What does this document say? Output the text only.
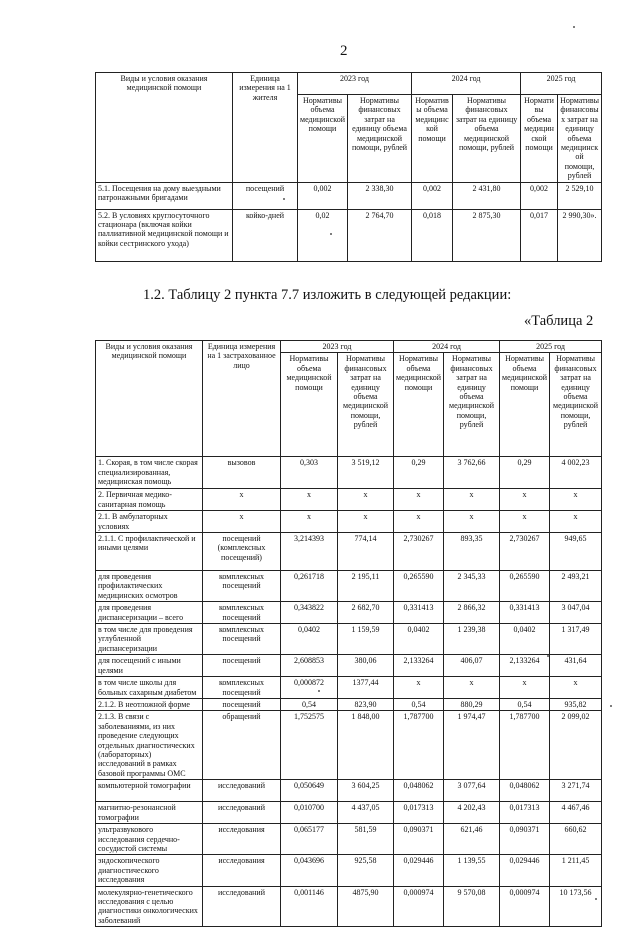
2
Виды и условия оказания медицинской помощи	Единица измерения на 1 жителя	2023 год		2024 год		2025 год	
		Нормативы объема медицинской помощи	Нормативы финансовых затрат на единицу объема медицинской помощи, рублей	Нормативы объема медицинской помощи	Нормативы финансовых затрат на единицу объема медицинской помощи, рублей	Нормативы объема медицинской помощи	Нормативы финансовых затрат на единицу объема медицинской помощи, рублей
5.1. Посещения на дому выездными патронажными бригадами	посещений	0,002	2 338,30	0,002	2 431,80	0,002	2 529,10
5.2. В условиях круглосуточного стационара (включая койки паллиативной медицинской помощи и койки сестринского ухода)	койко-дней	0,02	2 764,70	0,018	2 875,30	0,017	2 990,30».
1.2. Таблицу 2 пункта 7.7 изложить в следующей редакции:
«Таблица 2
Виды и условия оказания медицинской помощи	Единица измерения на 1 застрахованное лицо	2023 год		2024 год		2025 год	
		Нормативы объема медицинской помощи	Нормативы финансовых затрат на единицу объема медицинской помощи, рублей	Нормативы объема медицинской помощи	Нормативы финансовых затрат на единицу объема медицинской помощи, рублей	Нормативы объема медицинской помощи	Нормативы финансовых затрат на единицу объема медицинской помощи, рублей
1. Скорая, в том числе скорая специализированная, медицинская помощь	вызовов	0,303	3 519,12	0,29	3 762,66	0,29	4 002,23
2. Первичная медико-санитарная помощь	х	х	х	х	х	х	х
2.1. В амбулаторных условиях	х	х	х	х	х	х	х
2.1.1. С профилактической и иными целями	посещений (комплексных посещений)	3,214393	774,14	2,730267	893,35	2,730267	949,65
для проведения профилактических медицинских осмотров	комплексных посещений	0,261718	2 195,11	0,265590	2 345,33	0,265590	2 493,21
для проведения диспансеризации – всего	комплексных посещений	0,343822	2 682,70	0,331413	2 866,32	0,331413	3 047,04
в том числе для проведения углубленной диспансеризации	комплексных посещений	0,0402	1 159,59	0,0402	1 239,38	0,0402	1 317,49
для посещений с иными целями	посещений	2,608853	380,06	2,133264	406,07	2,133264	431,64
в том числе школы для больных сахарным диабетом	комплексных посещений	0,000872	1377,44	х	х	х	х
2.1.2. В неотложной форме	посещений	0,54	823,90	0,54	880,29	0,54	935,82
2.1.3. В связи с заболеваниями, из них проведение следующих отдельных диагностических (лабораторных) исследований в рамках базовой программы ОМС	обращений	1,752575	1 848,00	1,787700	1 974,47	1,787700	2 099,02
компьютерной томографии	исследований	0,050649	3 604,25	0,048062	3 077,64	0,048062	3 271,74
магнитно-резонансной томографии	исследований	0,010700	4 437,05	0,017313	4 202,43	0,017313	4 467,46
ультразвукового исследования сердечно-сосудистой системы	исследования	0,065177	581,59	0,090371	621,46	0,090371	660,62
эндоскопического диагностического исследования	исследования	0,043696	925,58	0,029446	1 139,55	0,029446	1 211,45
молекулярно-генетического исследования с целью диагностики онкологических заболеваний	исследований	0,001146	4875,90	0,000974	9 570,08	0,000974	10 173,56
